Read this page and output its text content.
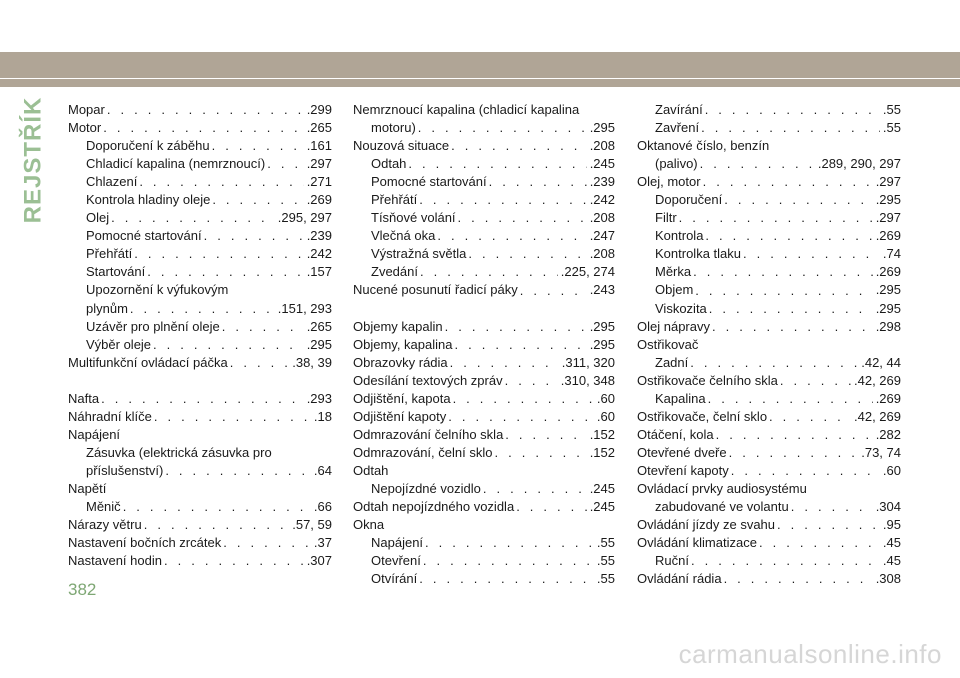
REJSTŘÍK Mopar . . .	.299
Motor . . .	.265
Doporučení k záběhu . . .	.161
Chladicí kapalina (nemrznoucí) . . .	.297
Chlazení . . .	.271
Kontrola hladiny oleje . . .	.269
Olej . . .	.295, 297
Pomocné startování . . .	.239
Přehřátí . . .	.242
Startování . . .	.157
Upozornění k výfukovým
plynům . . .	.151, 293
Uzávěr pro plnění oleje . . .	.265
Výběr oleje . . .	.295
Multifunkční ovládací páčka . . .	.38, 39
Nafta . . .	.293
Náhradní klíče . . .	.18
Napájení
Zásuvka (elektrická zásuvka pro
příslušenství) . . .	.64
Napětí
Měnič . . .	.66
Nárazy větru . . .	.57, 59
Nastavení bočních zrcátek . . .	.37
Nastavení hodin . . .	.307
Nemrznoucí kapalina (chladicí kapalina
motoru) . . .	.295
Nouzová situace . . .	.208
Odtah . . .	.245
Pomocné startování . . .	.239
Přehřátí . . .	.242
Tísňové volání . . .	.208
Vlečná oka . . .	.247
Výstražná světla . . .	.208
Zvedání . . .	.225, 274
Nucené posunutí řadicí páky . . .	.243
Objemy kapalin . . .	.295
Objemy, kapalina . . .	.295
Obrazovky rádia . . .	.311, 320
Odesílání textových zpráv . . .	.310, 348
Odjištění, kapota . . .	.60
Odjištění kapoty . . .	.60
Odmrazování čelního skla . . .	.152
Odmrazování, čelní sklo . . .	.152
Odtah
Nepojízdné vozidlo . . .	.245
Odtah nepojízdného vozidla . . .	.245
Okna
Napájení . . .	.55
Otevření . . .	.55
Otvírání . . .	.55
Zavírání . . .	.55
Zavření . . .	.55
Oktanové číslo, benzín
(palivo) . . .	.289, 290, 297
Olej, motor . . .	.297
Doporučení . . .	.295
Filtr . . .	.297
Kontrola . . .	.269
Kontrolka tlaku . . .	.74
Měrka . . .	.269
Objem . . .	.295
Viskozita . . .	.295
Olej nápravy . . .	.298
Ostřikovač
Zadní . . .	.42, 44
Ostřikovače čelního skla . . .	.42, 269
Kapalina . . .	.269
Ostřikovače, čelní sklo . . .	.42, 269
Otáčení, kola . . .	.282
Otevřené dveře . . .	.73, 74
Otevření kapoty . . .	.60
Ovládací prvky audiosystému
zabudované ve volantu . . .	.304
Ovládání jízdy ze svahu . . .	.95
Ovládání klimatizace . . .	.45
Ruční . . .	.45
Ovládání rádia . . .	.308
382
carmanualsonline.info
